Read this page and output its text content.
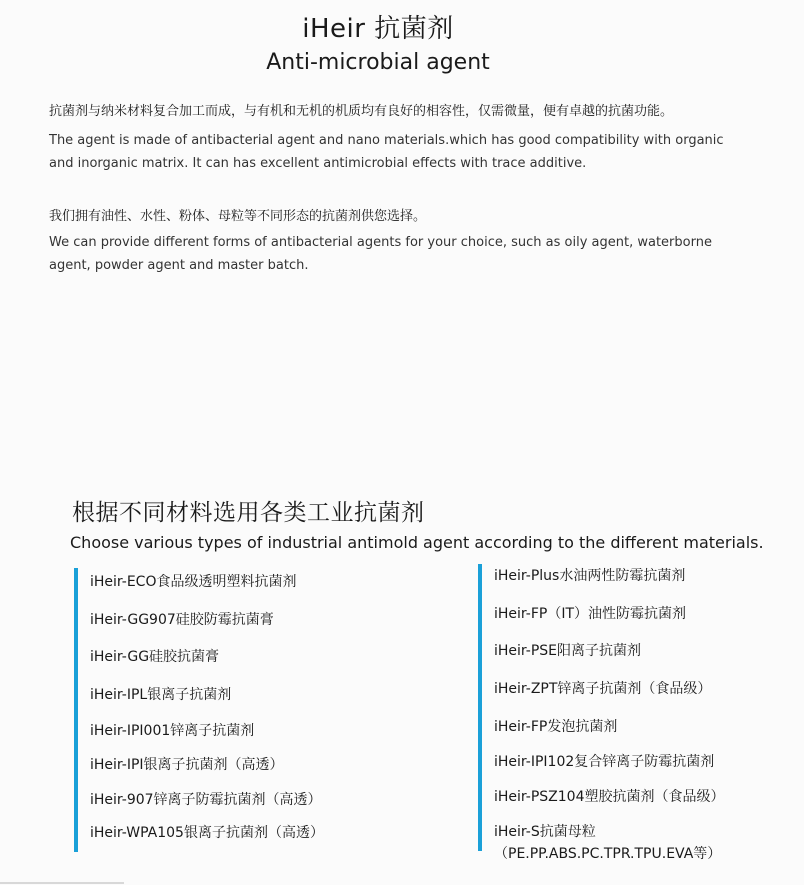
iHeir 抗菌剂
Anti-microbial agent
抗菌剂与纳米材料复合加工而成，与有机和无机的机质均有良好的相容性，仅需微量，便有卓越的抗菌功能。
The agent is made of antibacterial agent and nano materials.which has good compatibility with organic and inorganic matrix. It can has excellent antimicrobial effects with trace additive.
我们拥有油性、水性、粉体、母粒等不同形态的抗菌剂供您选择。
We can provide different forms of antibacterial agents for your choice, such as oily agent, waterborne agent, powder agent and master batch.
根据不同材料选用各类工业抗菌剂
Choose various types of industrial antimold agent according to the different materials.
iHeir-ECO食品级透明塑料抗菌剂
iHeir-GG907硅胶防霉抗菌膏
iHeir-GG硅胶抗菌膏
iHeir-IPL银离子抗菌剂
iHeir-IPI001锌离子抗菌剂
iHeir-IPI银离子抗菌剂（高透）
iHeir-907锌离子防霉抗菌剂（高透）
iHeir-WPA105银离子抗菌剂（高透）
iHeir-Plus水油两性防霉抗菌剂
iHeir-FP（IT）油性防霉抗菌剂
iHeir-PSE阳离子抗菌剂
iHeir-ZPT锌离子抗菌剂（食品级）
iHeir-FP发泡抗菌剂
iHeir-IPI102复合锌离子防霉抗菌剂
iHeir-PSZ104塑胶抗菌剂（食品级）
iHeir-S抗菌母粒（PE.PP.ABS.PC.TPR.TPU.EVA等）
